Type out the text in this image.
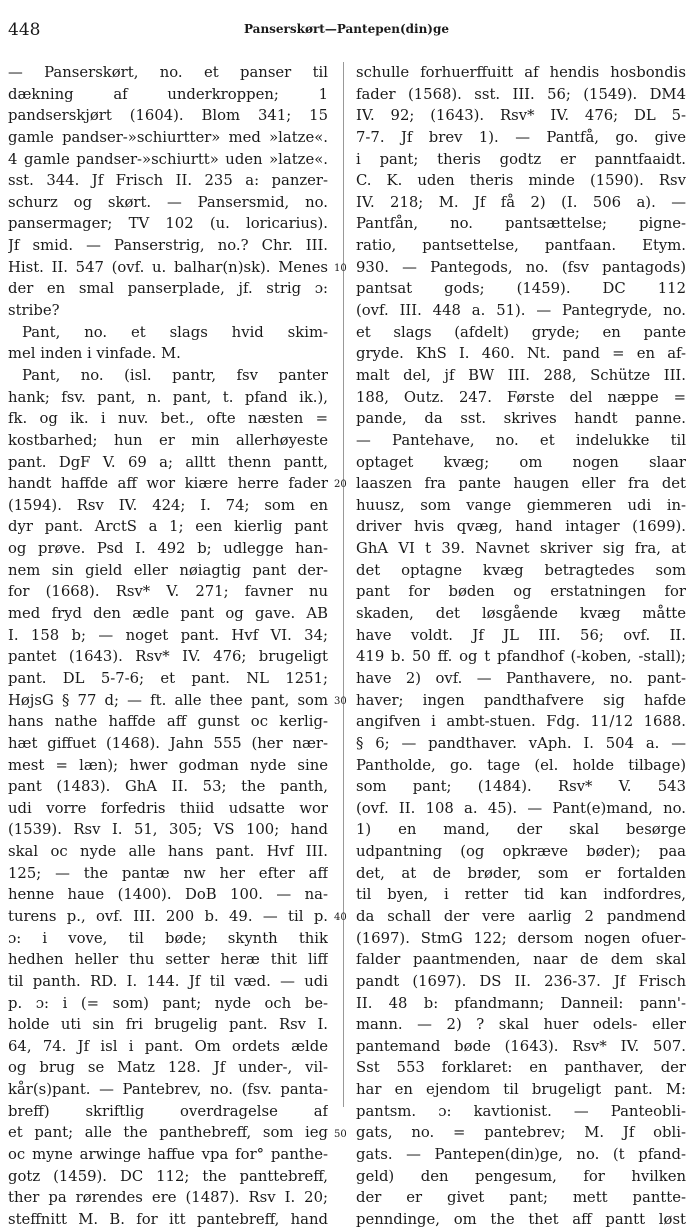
448	Panserskørt—Pantepen(din)ge
— Panserskørt, no. et panser til
dækning af underkroppen; 1
pandserskjørt (1604). Blom 341; 15
gamle pandser-»schiurtter» med »latze«.
4 gamle pandser-»schiurtt» uden »latze«.
sst. 344. Jf Frisch II. 235 a: panzer-
schurz og skørt. — Pansersmid, no.
pansermager; TV 102 (u. loricarius).
Jf smid. — Panserstrig, no.? Chr. III.
Hist. II. 547 (ovf. u. balhar(n)sk). Menes
der en smal panserplade, jf. strig ɔ:
stribe?
Pant, no. et slags hvid skim-
mel inden i vinfade. M.
Pant, no. (isl. pantr, fsv panter
hank; fsv. pant, n. pant, t. pfand ik.),
fk. og ik. i nuv. bet., ofte næsten =
kostbarhed; hun er min allerhøyeste
pant. DgF V. 69 a; alltt thenn pantt,
handt haffde aff wor kiære herre fader
(1594). Rsv IV. 424; I. 74; som en
dyr pant. ArctS a 1; een kierlig pant
og prøve. Psd I. 492 b; udlegge han-
nem sin gield eller nøiagtig pant der-
for (1668). Rsv* V. 271; favner nu
med fryd den ædle pant og gave. AB
I. 158 b; — noget pant. Hvf VI. 34;
pantet (1643). Rsv* IV. 476; brugeligt
pant. DL 5-7-6; et pant. NL 1251;
HøjsG § 77 d; — ft. alle thee pant, som
hans nathe haffde aff gunst oc kerlig-
hæt giffuet (1468). Jahn 555 (her nær-
mest = læn); hwer godman nyde sine
pant (1483). GhA II. 53; the panth,
udi vorre forfedris thiid udsatte wor
(1539). Rsv I. 51, 305; VS 100; hand
skal oc nyde alle hans pant. Hvf III.
125; — the pantæ nw her efter aff
henne haue (1400). DoB 100. — na-
turens p., ovf. III. 200 b. 49. — til p.
ɔ: i vove, til bøde; skynth thik
hedhen heller thu setter heræ thit liff
til panth. RD. I. 144. Jf til væd. — udi
p. ɔ: i (= som) pant; nyde och be-
holde uti sin fri brugelig pant. Rsv I.
64, 74. Jf isl i pant. Om ordets ælde
og brug se Matz 128. Jf under-, vil-
kår(s)pant. — Pantebrev, no. (fsv. panta-
breff) skriftlig overdragelse af
et pant; alle the panthebreff, som ieg
oc myne arwinge haffue vpa for° panthe-
gotz (1459). DC 112; the panttebreff,
ther pa rørendes ere (1487). Rsv I. 20;
steffnitt M. B. for itt pantebreff, hand
10
20
30
40
50
schulle forhuerffuitt af hendis hosbondis
fader (1568). sst. III. 56; (1549). DM4
IV. 92; (1643). Rsv* IV. 476; DL 5-
7-7. Jf brev 1). — Pantfå, go. give
i pant; theris godtz er panntfaaidt.
C. K. uden theris minde (1590). Rsv
IV. 218; M. Jf få 2) (I. 506 a). —
Pantfån, no. pantsættelse; pigne-
ratio, pantsettelse, pantfaan. Etym.
930. — Pantegods, no. (fsv pantagods)
pantsat gods; (1459). DC 112
(ovf. III. 448 a. 51). — Pantegryde, no.
et slags (afdelt) gryde; en pante
gryde. KhS I. 460. Nt. pand = en af-
malt del, jf BW III. 288, Schütze III.
188, Outz. 247. Første del næppe =
pande, da sst. skrives handt panne.
— Pantehave, no. et indelukke til
optaget kvæg; om nogen slaar
laaszen fra pante haugen eller fra det
huusz, som vange giemmeren udi in-
driver hvis qvæg, hand intager (1699).
GhA VI t 39. Navnet skriver sig fra, at
det optagne kvæg betragtedes som
pant for bøden og erstatningen for
skaden, det løsgående kvæg måtte
have voldt. Jf JL III. 56; ovf. II.
419 b. 50 ff. og t pfandhof (-koben, -stall);
have 2) ovf. — Panthavere, no. pant-
haver; ingen pandthafvere sig hafde
angifven i ambt-stuen. Fdg. 11/12 1688.
§ 6; — pandthaver. vAph. I. 504 a. —
Pantholde, go. tage (el. holde tilbage)
som pant; (1484). Rsv* V. 543
(ovf. II. 108 a. 45). — Pant(e)mand, no.
1) en mand, der skal besørge
udpantning (og opkræve bøder); paa
det, at de brøder, som er fortalden
til byen, i retter tid kan indfordres,
da schall der vere aarlig 2 pandmend
(1697). StmG 122; dersom nogen ofuer-
falder paantmenden, naar de dem skal
pandt (1697). DS II. 236-37. Jf Frisch
II. 48 b: pfandmann; Danneil: pann'-
mann. — 2) ? skal huer odels- eller
pantemand bøde (1643). Rsv* IV. 507.
Sst 553 forklaret: en panthaver, der
har en ejendom til brugeligt pant. M:
pantsm. ɔ: kavtionist. — Panteobli-
gats, no. = pantebrev; M. Jf obli-
gats. — Pantepen(din)ge, no. (t pfand-
geld) den pengesum, for hvilken
der er givet pant; mett pantte-
penndinge, om the thet aff pantt løst
